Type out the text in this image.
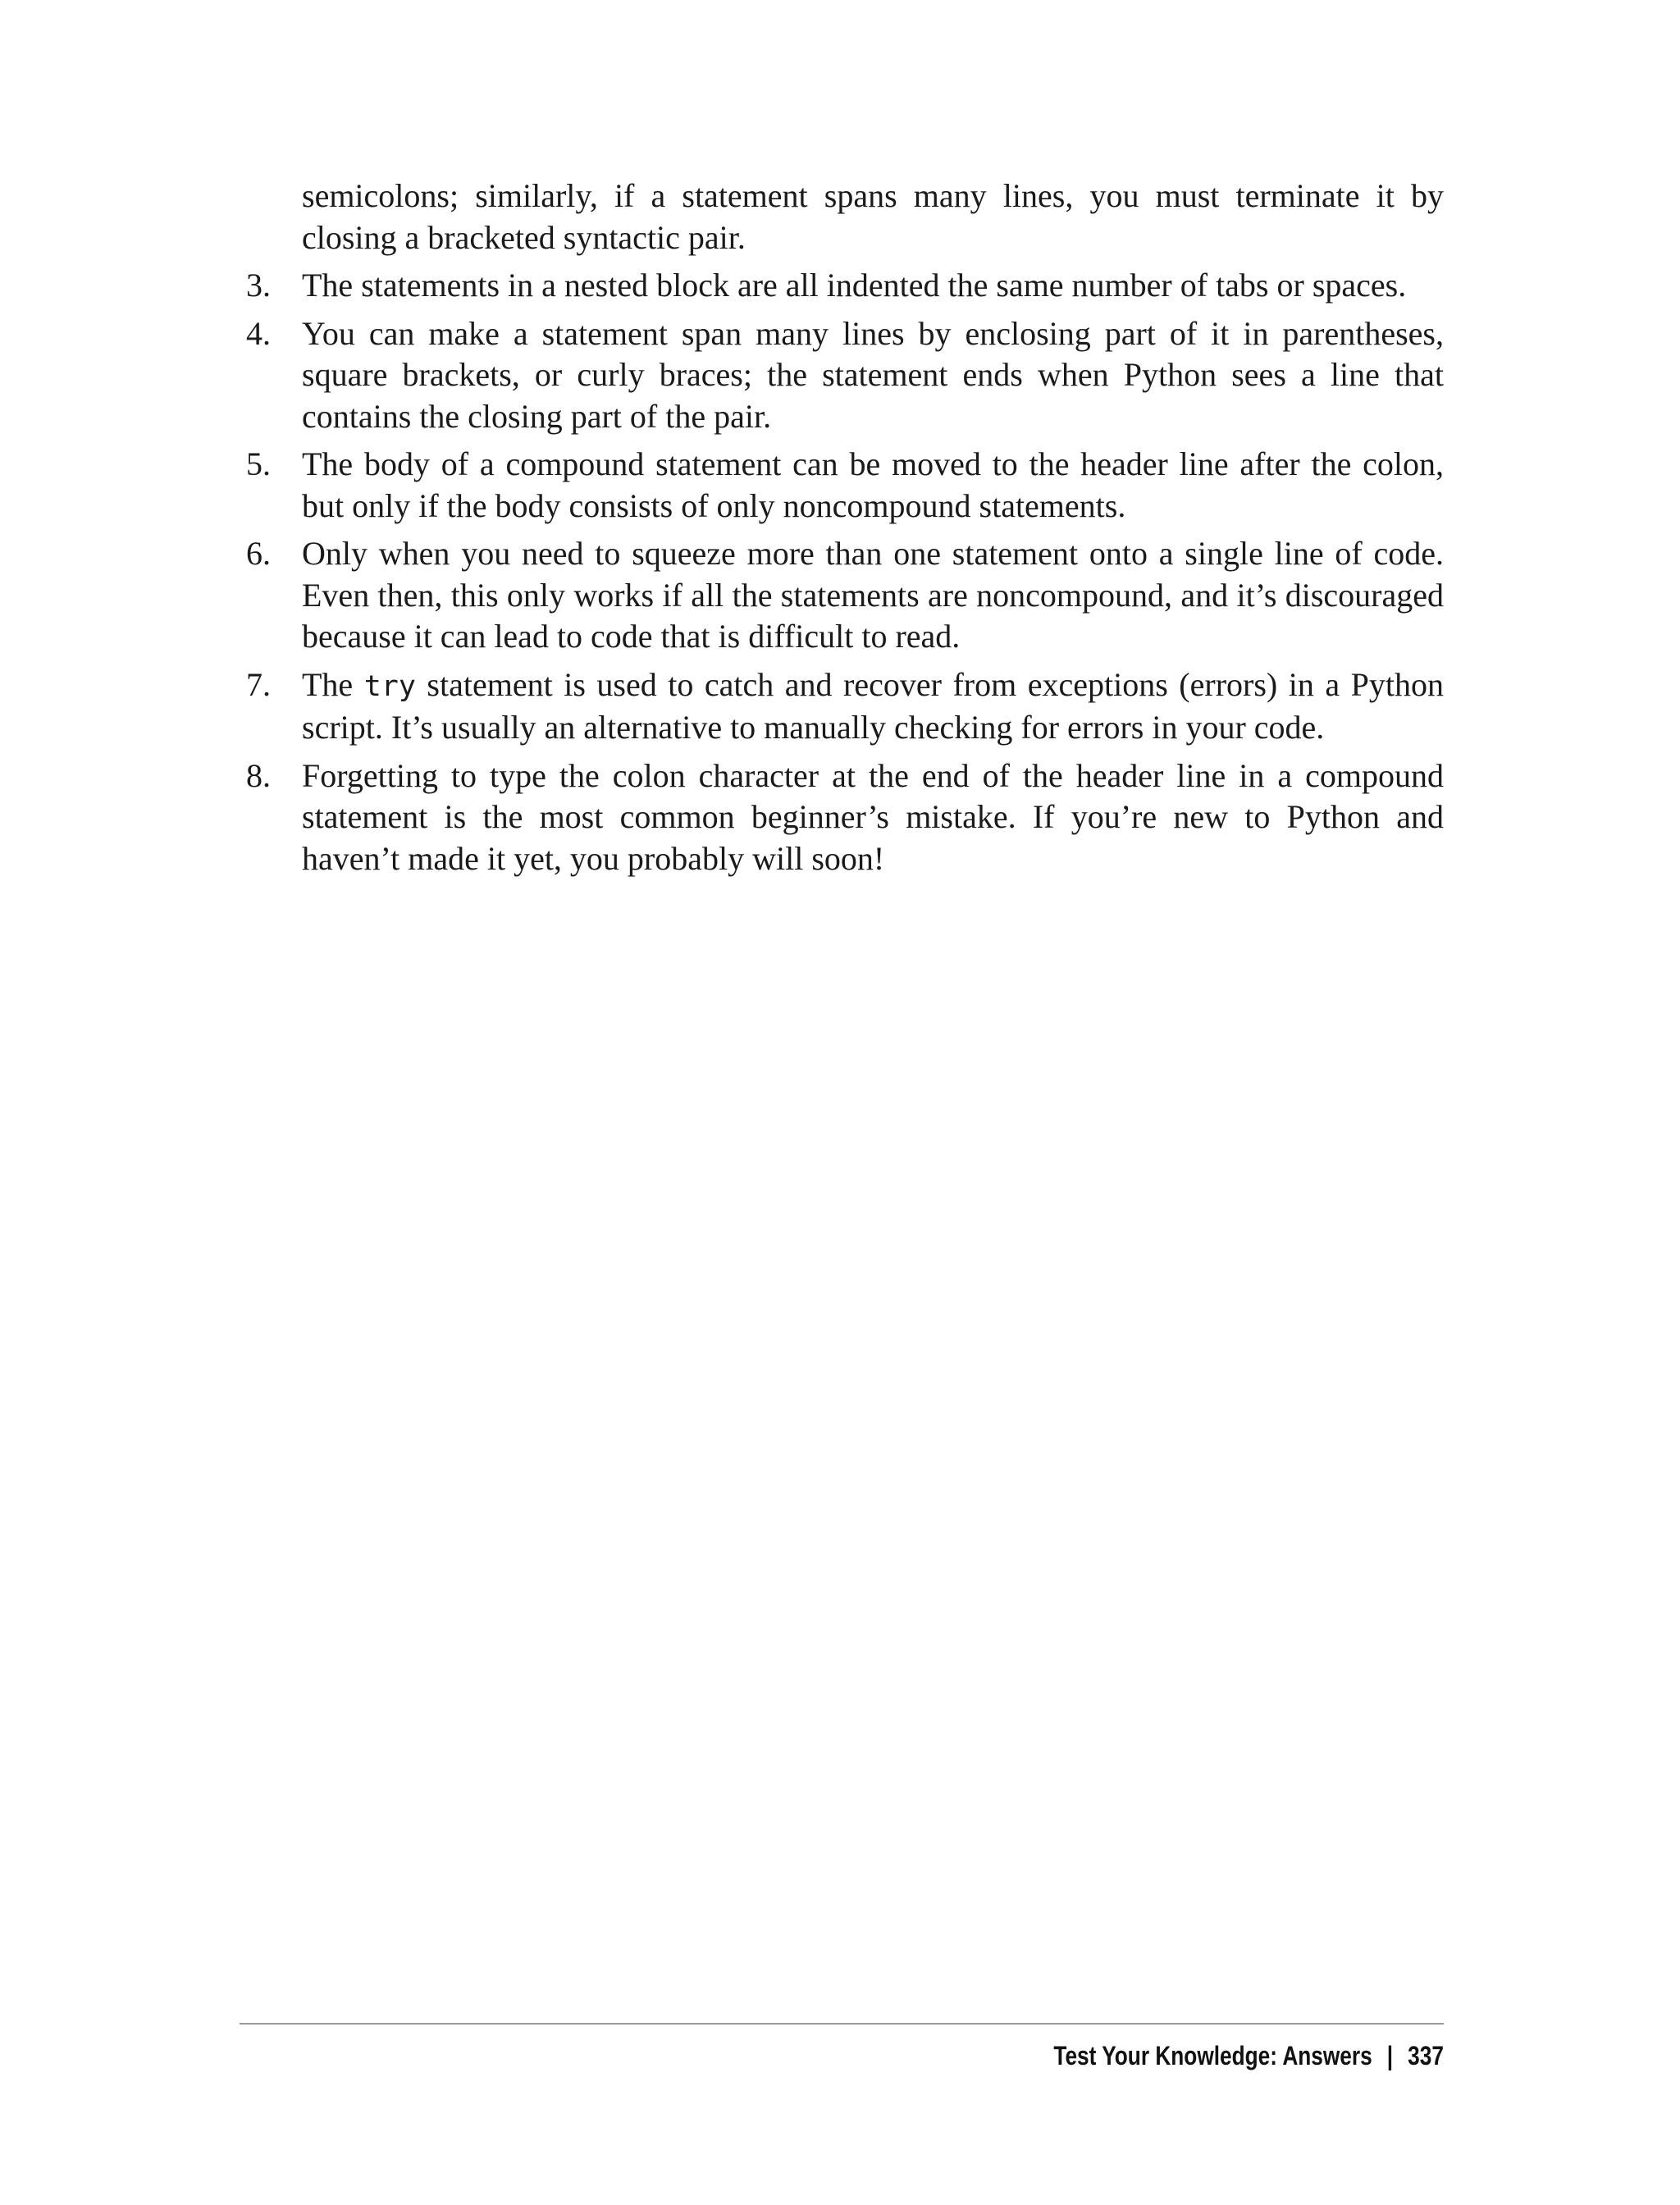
semicolons; similarly, if a statement spans many lines, you must terminate it by closing a bracketed syntactic pair.

3. The statements in a nested block are all indented the same number of tabs or spaces.
4. You can make a statement span many lines by enclosing part of it in parentheses, square brackets, or curly braces; the statement ends when Python sees a line that contains the closing part of the pair.
5. The body of a compound statement can be moved to the header line after the colon, but only if the body consists of only noncompound statements.
6. Only when you need to squeeze more than one statement onto a single line of code. Even then, this only works if all the statements are noncompound, and it’s discouraged because it can lead to code that is difficult to read.
7. The try statement is used to catch and recover from exceptions (errors) in a Python script. It’s usually an alternative to manually checking for errors in your code.
8. Forgetting to type the colon character at the end of the header line in a compound statement is the most common beginner’s mistake. If you’re new to Python and haven’t made it yet, you probably will soon!
Test Your Knowledge: Answers | 337
